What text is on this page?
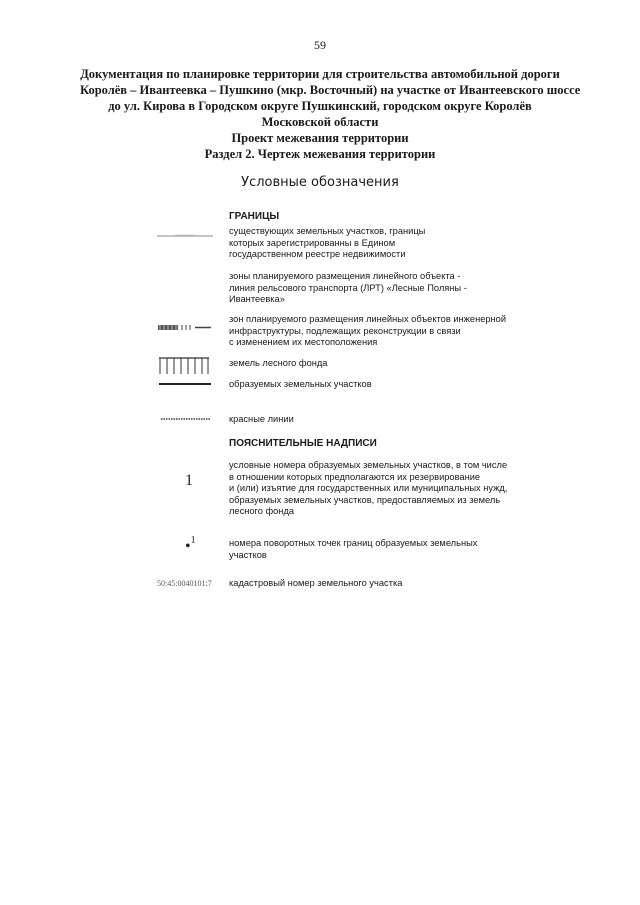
59
Документация по планировке территории для строительства автомобильной дороги
Королёв – Ивантеевка – Пушкино (мкр. Восточный) на участке от Ивантеевского шоссе
до ул. Кирова в Городском округе Пушкинский, городском округе Королёв
Московской области
Проект межевания территории
Раздел 2. Чертеж межевания территории
Условные обозначения
ГРАНИЦЫ
существующих земельных участков, границы
которых зарегистрированны в Едином
государственном реестре недвижимости
зоны планируемого размещения линейного объекта -
линия рельсового транспорта (ЛРТ) «Лесные Поляны -
Ивантеевка»
зон планируемого размещения линейных объектов инженерной
инфраструктуры, подлежащих реконструкции в связи
с изменением их местоположения
земель лесного фонда
образуемых земельных участков
красные линии
ПОЯСНИТЕЛЬНЫЕ НАДПИСИ
1
условные номера образуемых земельных участков, в том числе
в отношении которых предполагаются их резервирование
и (или) изъятие для государственных или муниципальных нужд,
образуемых земельных участков, предоставляемых из земель
лесного фонда
•1	номера поворотных точек границ образуемых земельных
участков
50:45:0040101:7 кадастровый номер земельного участка
